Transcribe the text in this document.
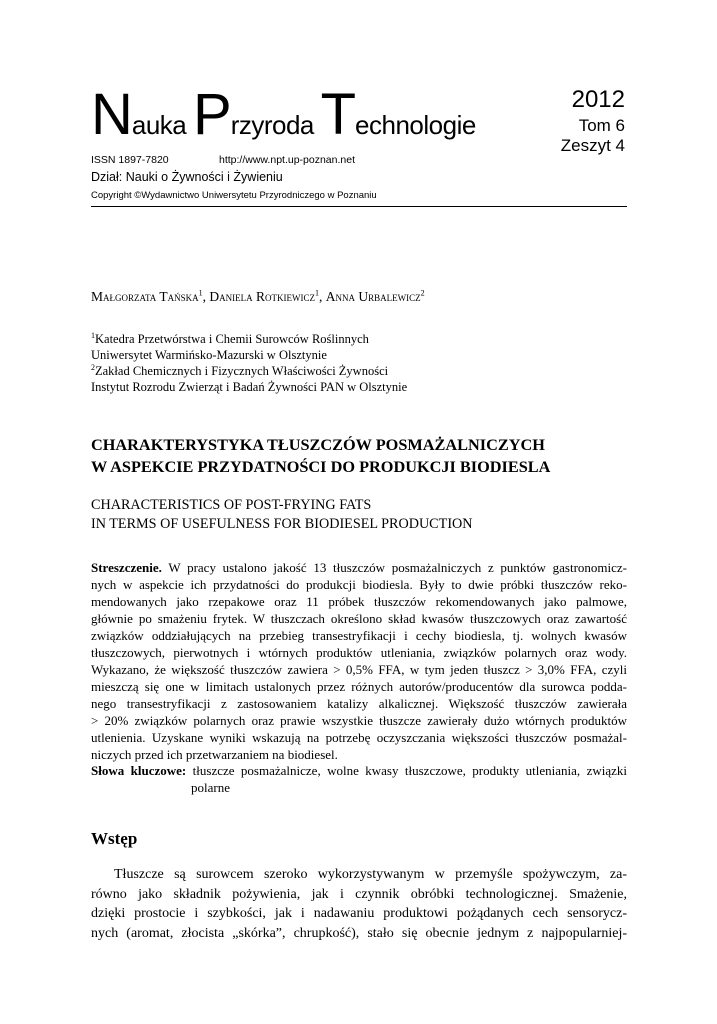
Nauka Przyroda Technologie
2012
Tom 6
Zeszyt 4
ISSN 1897-7820	http://www.npt.up-poznan.net
Dział: Nauki o Żywności i Żywieniu
Copyright ©Wydawnictwo Uniwersytetu Przyrodniczego w Poznaniu
Małgorzata Tańska$^1$, Daniela Rotkiewicz$^1$, Anna Urbalewicz$^2$
$^1$Katedra Przetwórstwa i Chemii Surowców Roślinnych
Uniwersytet Warmińsko-Mazurski w Olsztynie
$^2$Zakład Chemicznych i Fizycznych Właściwości Żywności
Instytut Rozrodu Zwierząt i Badań Żywności PAN w Olsztynie
CHARAKTERYSTYKA TŁUSZCZÓW POSMAŻALNICZYCH
W ASPEKCIE PRZYDATNOŚCI DO PRODUKCJI BIODIESLA
CHARACTERISTICS OF POST-FRYING FATS
IN TERMS OF USEFULNESS FOR BIODIESEL PRODUCTION
Streszczenie. W pracy ustalono jakość 13 tłuszczów posmażalniczych z punktów gastronomicz-
nych w aspekcie ich przydatności do produkcji biodiesla. Były to dwie próbki tłuszczów reko-
mendowanych jako rzepakowe oraz 11 próbek tłuszczów rekomendowanych jako palmowe,
głównie po smażeniu frytek. W tłuszczach określono skład kwasów tłuszczowych oraz zawartość
związków oddziałujących na przebieg transestryfikacji i cechy biodiesla, tj. wolnych kwasów
tłuszczowych, pierwotnych i wtórnych produktów utleniania, związków polarnych oraz wody.
Wykazano, że większość tłuszczów zawiera > 0,5% FFA, w tym jeden tłuszcz > 3,0% FFA, czyli
mieszczą się one w limitach ustalonych przez różnych autorów/producentów dla surowca podda-
nego transestryfikacji z zastosowaniem katalizy alkalicznej. Większość tłuszczów zawierała
> 20% związków polarnych oraz prawie wszystkie tłuszcze zawierały dużo wtórnych produktów
utlenienia. Uzyskane wyniki wskazują na potrzebę oczyszczania większości tłuszczów posmażal-
niczych przed ich przetwarzaniem na biodiesel.
Słowa kluczowe: tłuszcze posmażalnicze, wolne kwasy tłuszczowe, produkty utleniania, związki
polarne
Wstęp
Tłuszcze są surowcem szeroko wykorzystywanym w przemyśle spożywczym, za-
równo jako składnik pożywienia, jak i czynnik obróbki technologicznej. Smażenie,
dzięki prostocie i szybkości, jak i nadawaniu produktowi pożądanych cech sensorycz-
nych (aromat, złocista „skórka”, chrupkość), stało się obecnie jednym z najpopularniej-
